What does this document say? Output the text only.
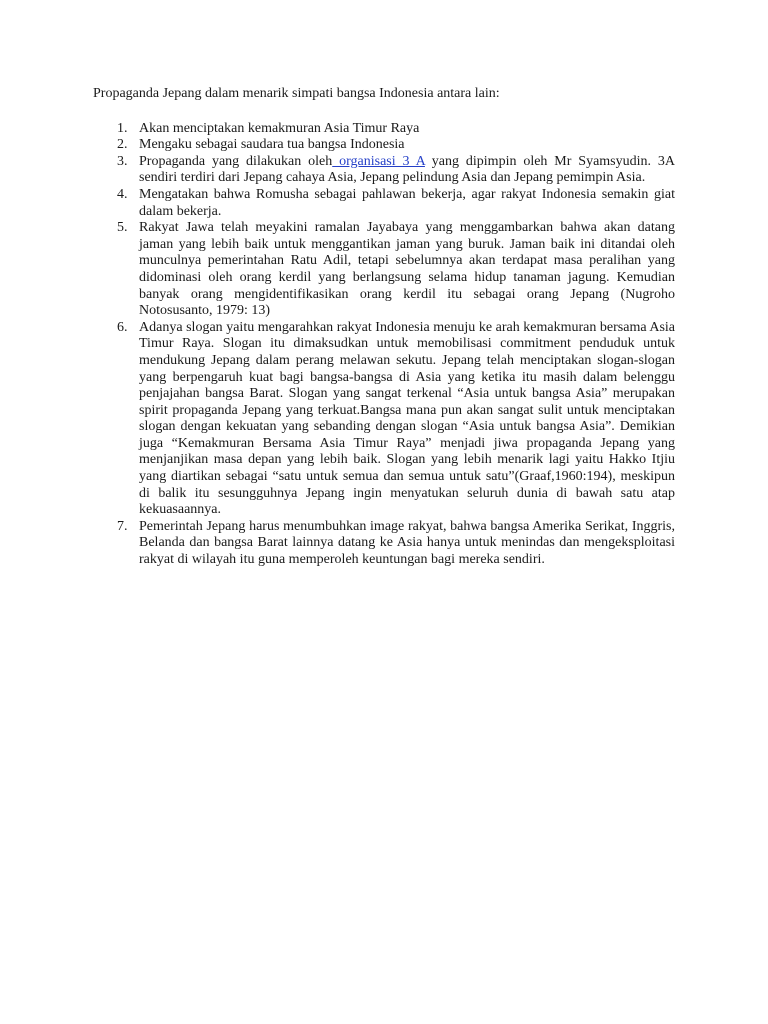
Propaganda Jepang dalam menarik simpati bangsa Indonesia antara lain:

1. Akan menciptakan kemakmuran Asia Timur Raya
2. Mengaku sebagai saudara tua bangsa Indonesia
3. Propaganda yang dilakukan oleh organisasi 3 A yang dipimpin oleh Mr Syamsyudin. 3A sendiri terdiri dari Jepang cahaya Asia, Jepang pelindung Asia dan Jepang pemimpin Asia.
4. Mengatakan bahwa Romusha sebagai pahlawan bekerja, agar rakyat Indonesia semakin giat dalam bekerja.
5. Rakyat Jawa telah meyakini ramalan Jayabaya yang menggambarkan bahwa akan datang jaman yang lebih baik untuk menggantikan jaman yang buruk. Jaman baik ini ditandai oleh munculnya pemerintahan Ratu Adil, tetapi sebelumnya akan terdapat masa peralihan yang didominasi oleh orang kerdil yang berlangsung selama hidup tanaman jagung. Kemudian banyak orang mengidentifikasikan orang kerdil itu sebagai orang Jepang (Nugroho Notosusanto, 1979: 13)
6. Adanya slogan yaitu mengarahkan rakyat Indonesia menuju ke arah kemakmuran bersama Asia Timur Raya. Slogan itu dimaksudkan untuk memobilisasi commitment penduduk untuk mendukung Jepang dalam perang melawan sekutu. Jepang telah menciptakan slogan-slogan yang berpengaruh kuat bagi bangsa-bangsa di Asia yang ketika itu masih dalam belenggu penjajahan bangsa Barat. Slogan yang sangat terkenal “Asia untuk bangsa Asia” merupakan spirit propaganda Jepang yang terkuat.Bangsa mana pun akan sangat sulit untuk menciptakan slogan dengan kekuatan yang sebanding dengan slogan “Asia untuk bangsa Asia”. Demikian juga “Kemakmuran Bersama Asia Timur Raya” menjadi jiwa propaganda Jepang yang menjanjikan masa depan yang lebih baik. Slogan yang lebih menarik lagi yaitu Hakko Itjiu yang diartikan sebagai “satu untuk semua dan semua untuk satu”(Graaf,1960:194), meskipun di balik itu sesungguhnya Jepang ingin menyatukan seluruh dunia di bawah satu atap kekuasaannya.
7. Pemerintah Jepang harus menumbuhkan image rakyat, bahwa bangsa Amerika Serikat, Inggris, Belanda dan bangsa Barat lainnya datang ke Asia hanya untuk menindas dan mengeksploitasi rakyat di wilayah itu guna memperoleh keuntungan bagi mereka sendiri.
